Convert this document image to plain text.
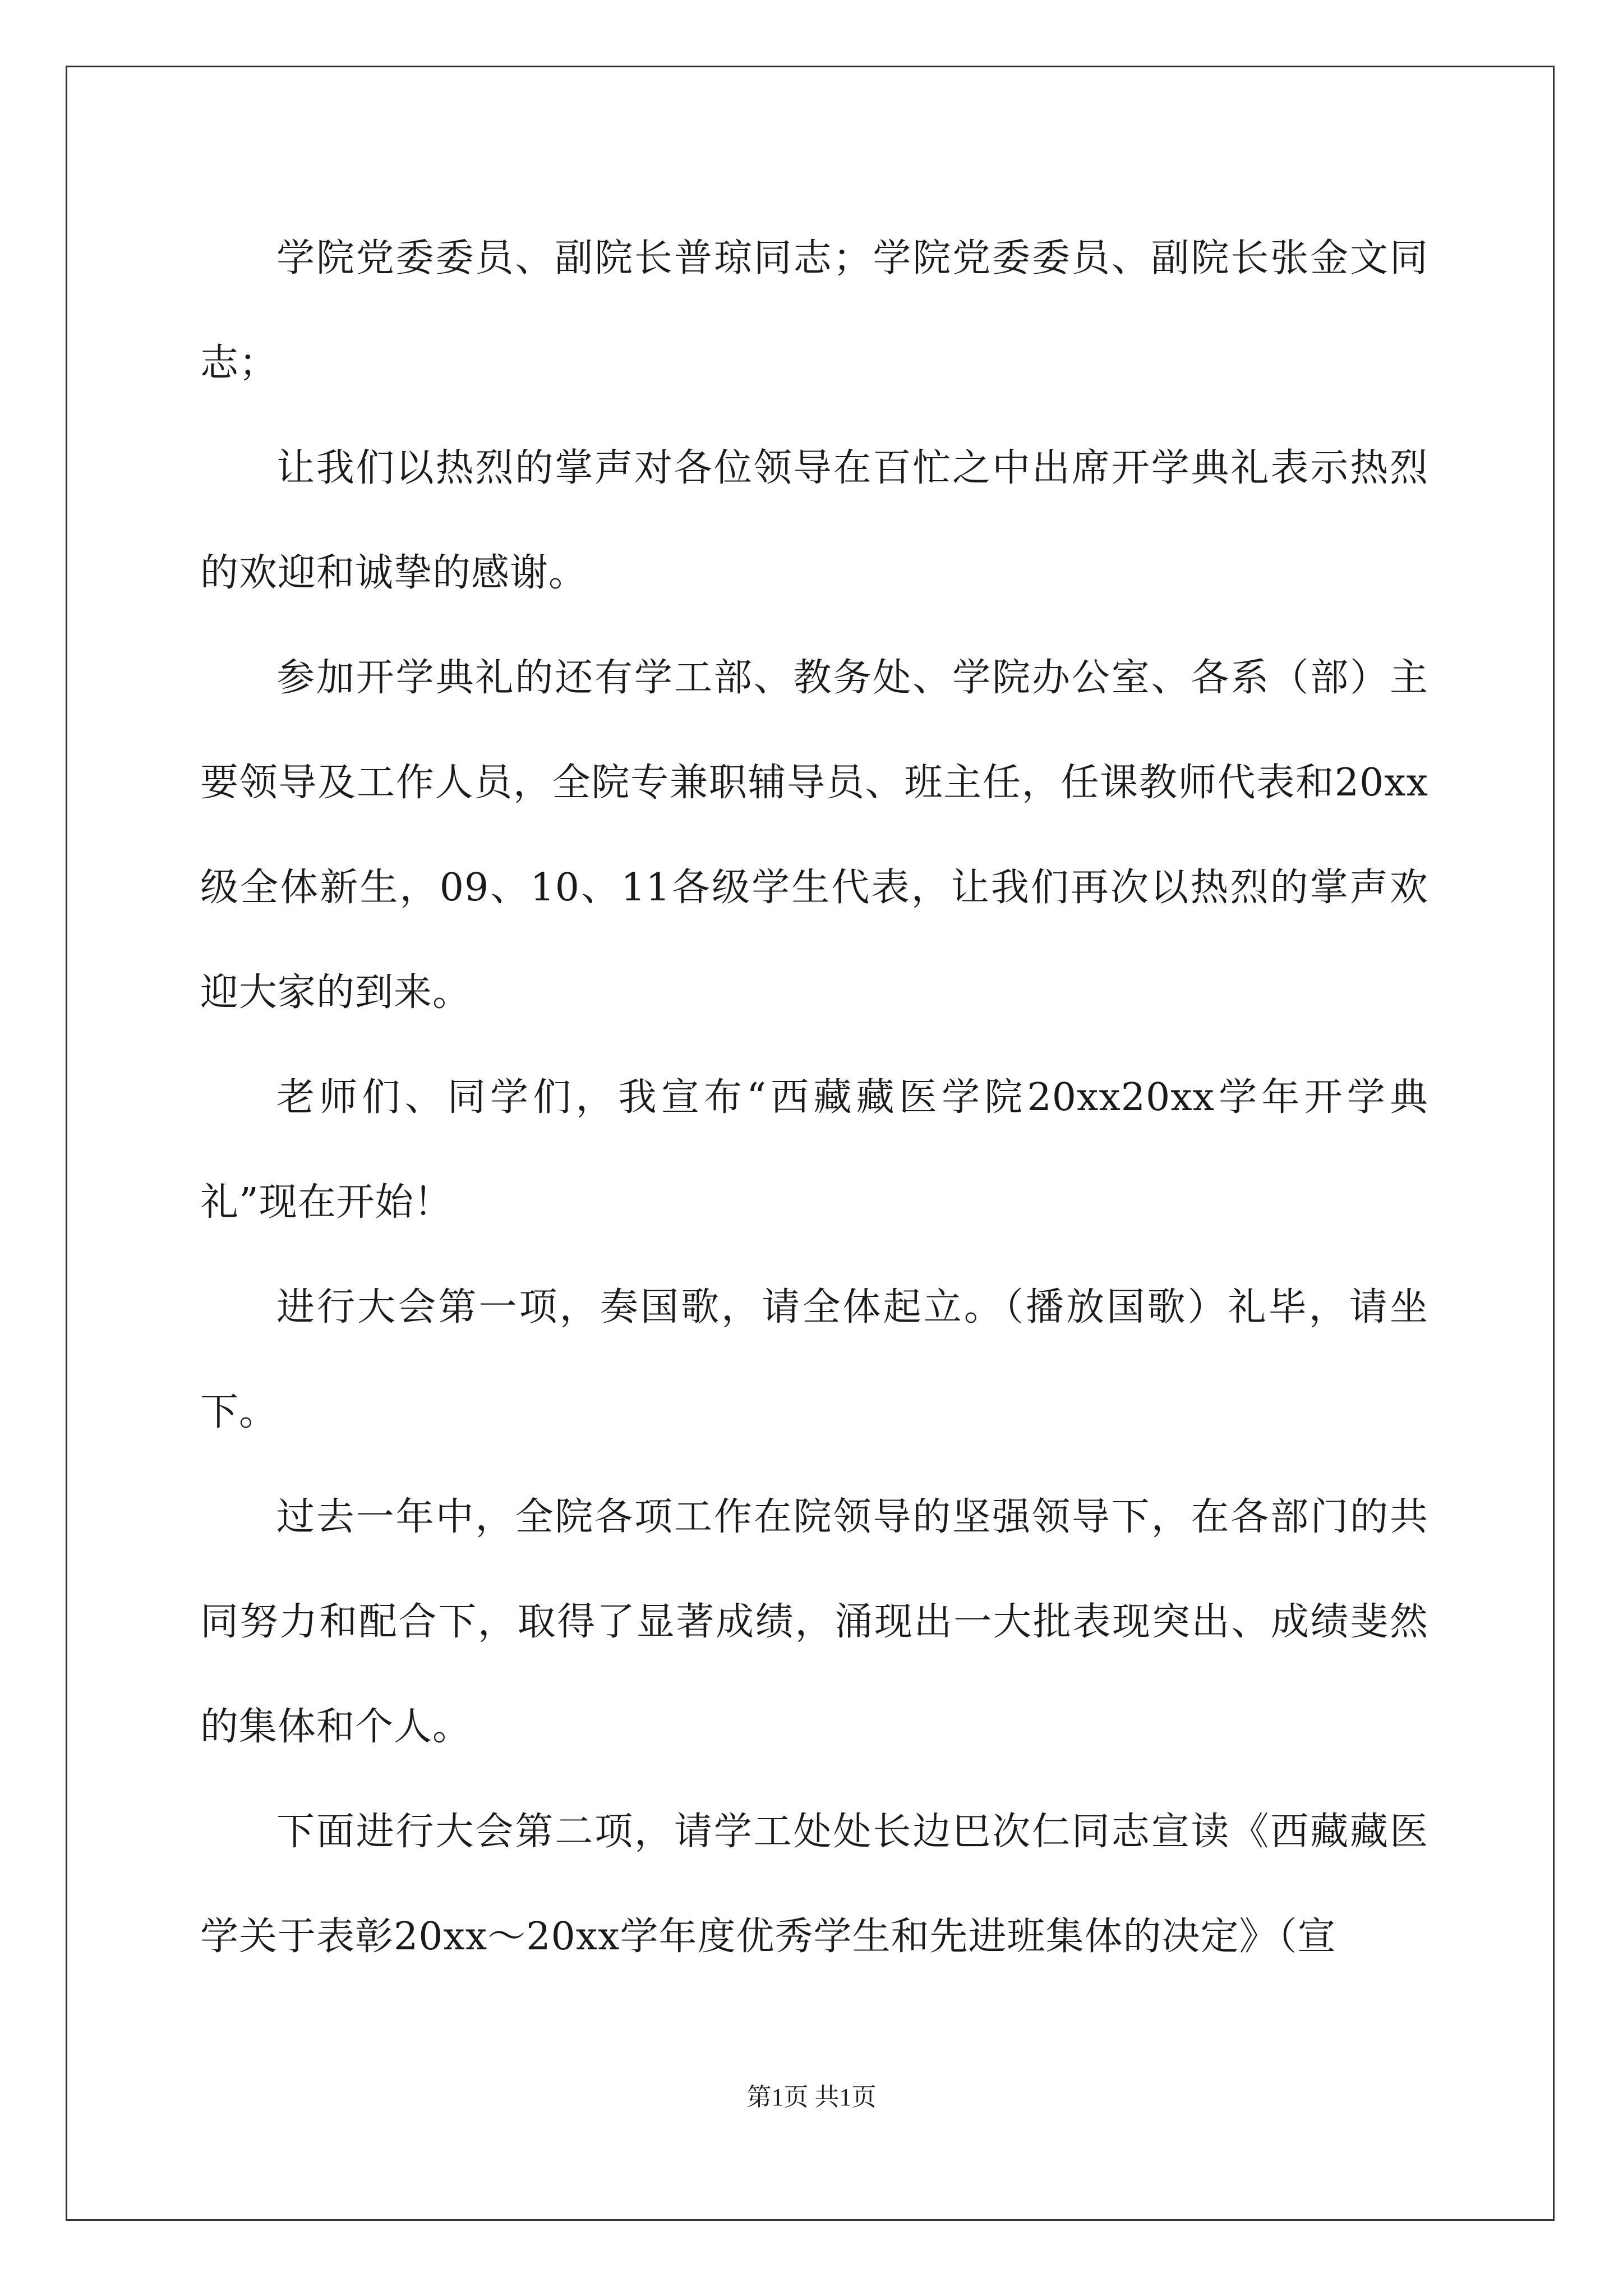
学院党委委员、副院长普琼同志；学院党委委员、副院长张金文同志；

让我们以热烈的掌声对各位领导在百忙之中出席开学典礼表示热烈的欢迎和诚挚的感谢。

参加开学典礼的还有学工部、教务处、学院办公室、各系（部）主要领导及工作人员，全院专兼职辅导员、班主任，任课教师代表和20xx级全体新生，09、10、11各级学生代表，让我们再次以热烈的掌声欢迎大家的到来。

老师们、同学们，我宣布“西藏藏医学院20xx20xx学年开学典礼”现在开始！

进行大会第一项，奏国歌，请全体起立。（播放国歌）礼毕，请坐下。

过去一年中，全院各项工作在院领导的坚强领导下，在各部门的共同努力和配合下，取得了显著成绩，涌现出一大批表现突出、成绩斐然的集体和个人。

下面进行大会第二项，请学工处处长边巴次仁同志宣读《西藏藏医学关于表彰20xx～20xx学年度优秀学生和先进班集体的决定》（宣

第1页 共1页
